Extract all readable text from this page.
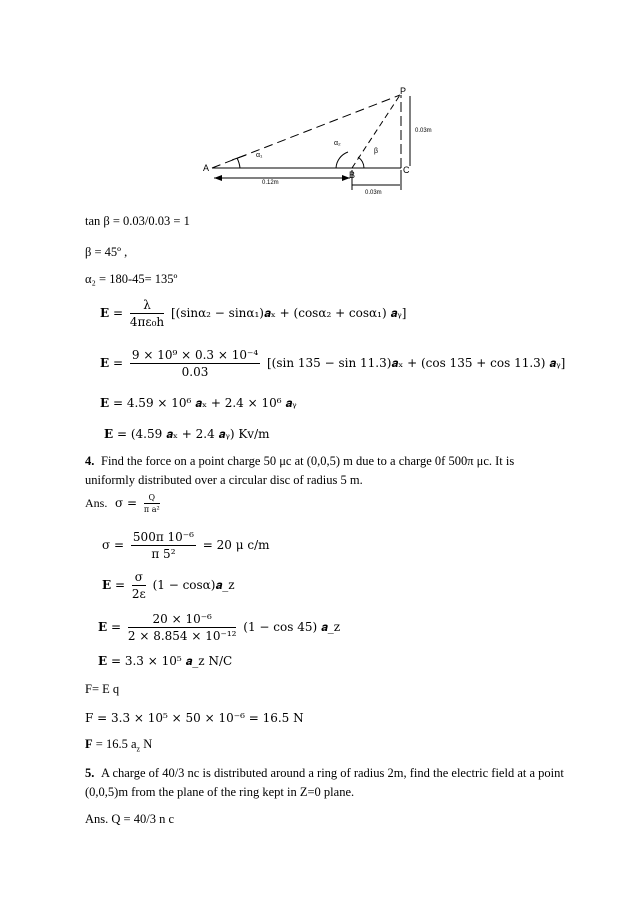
P
A
B	C
α₁
α₂
β
0.12m
0.03m
0.03m
tan β = 0.03/0.03 = 1
β = 45º ,
α₂ = 180-45= 135º
$E = \frac{\lambda}{\text{4πε₀h}} [(\sin\alpha_2$ − sinα₁)𝒂ₓ + (cosα₂ + cosα₁) 𝒂ᵧ]
$E = \frac{\text{9 × 10⁹ × 0.3 × 10⁻⁴}}{0.03} [(\sin$ 135 − sin 11.3)𝒂ₓ + (cos 135 + cos 11.3) 𝒂ᵧ]
E = 4.59 × 10⁶ 𝒂ₓ + 2.4 × 10⁶ 𝒂ᵧ
E = (4.59 𝒂ₓ + 2.4 𝒂ᵧ) Kv/m
4. Find the force on a point charge 50 μc at (0,0,5) m due to a charge 0f 500π μc. It is uniformly distributed over a circular disc of radius 5 m.
Ans. $\sigma = \frac{Q}{\text{π a²}}$
$\sigma = \frac{\text{500π 10⁻⁶}}{\text{π 5²}} = 20$ μ c/m
$E = \frac{\sigma}{2\varepsilon} (1$ − cosα)𝒂_z
$E = \frac{\text{20 × 10⁻⁶}}{\text{2 × 8.854 × 10⁻¹²}} (1 - \cos 45)$ 𝒂_z
E = 3.3 × 10⁵ 𝒂_z N/C
F= E q
F = 3.3 × 10⁵ × 50 × 10⁻⁶ = 16.5 N
F = 16.5 $a_z$ N
5. A charge of 40/3 nc is distributed around a ring of radius 2m, find the electric field at a point (0,0,5)m from the plane of the ring kept in Z=0 plane.
Ans. Q = 40/3 n c
